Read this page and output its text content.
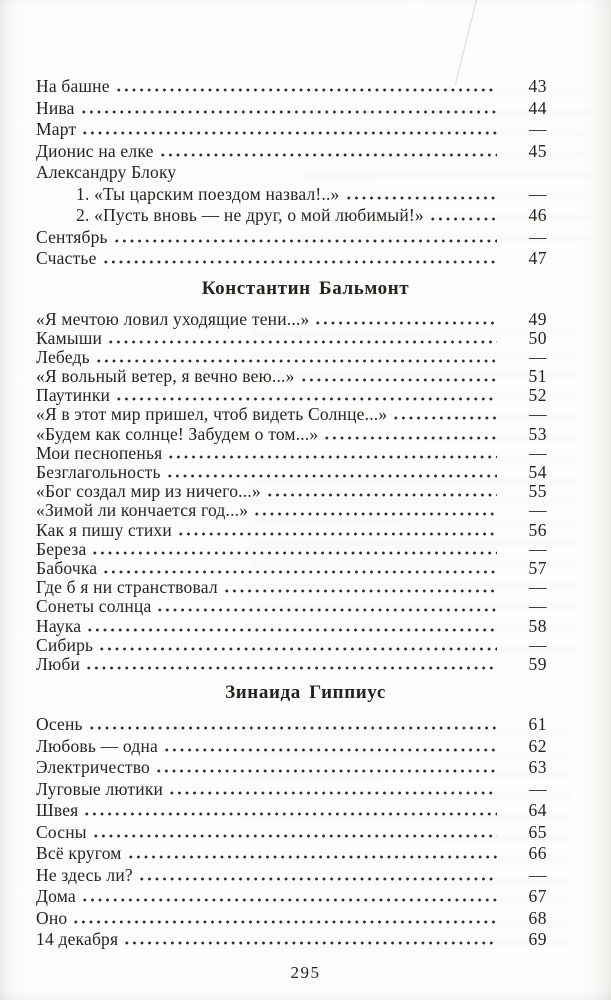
На башне	43
Нива	44
Март	—
Дионис на елке	45
Александру Блоку
1. «Ты царским поездом назвал!..»	—
2. «Пусть вновь — не друг, о мой любимый!»	46
Сентябрь	—
Счастье	47
Константин Бальмонт
«Я мечтою ловил уходящие тени...»	49
Камыши	50
Лебедь	—
«Я вольный ветер, я вечно вею...»	51
Паутинки	52
«Я в этот мир пришел, чтоб видеть Солнце...»	—
«Будем как солнце! Забудем о том...»	53
Мои песнопенья	—
Безглагольность	54
«Бог создал мир из ничего...»	55
«Зимой ли кончается год...»	—
Как я пишу стихи	56
Береза	—
Бабочка	57
Где б я ни странствовал	—
Сонеты солнца	—
Наука	58
Сибирь	—
Люби	59
Зинаида Гиппиус
Осень	61
Любовь — одна	62
Электричество	63
Луговые лютики	—
Швея	64
Сосны	65
Всё кругом	66
Не здесь ли?	—
Дома	67
Оно	68
14 декабря	69
295
